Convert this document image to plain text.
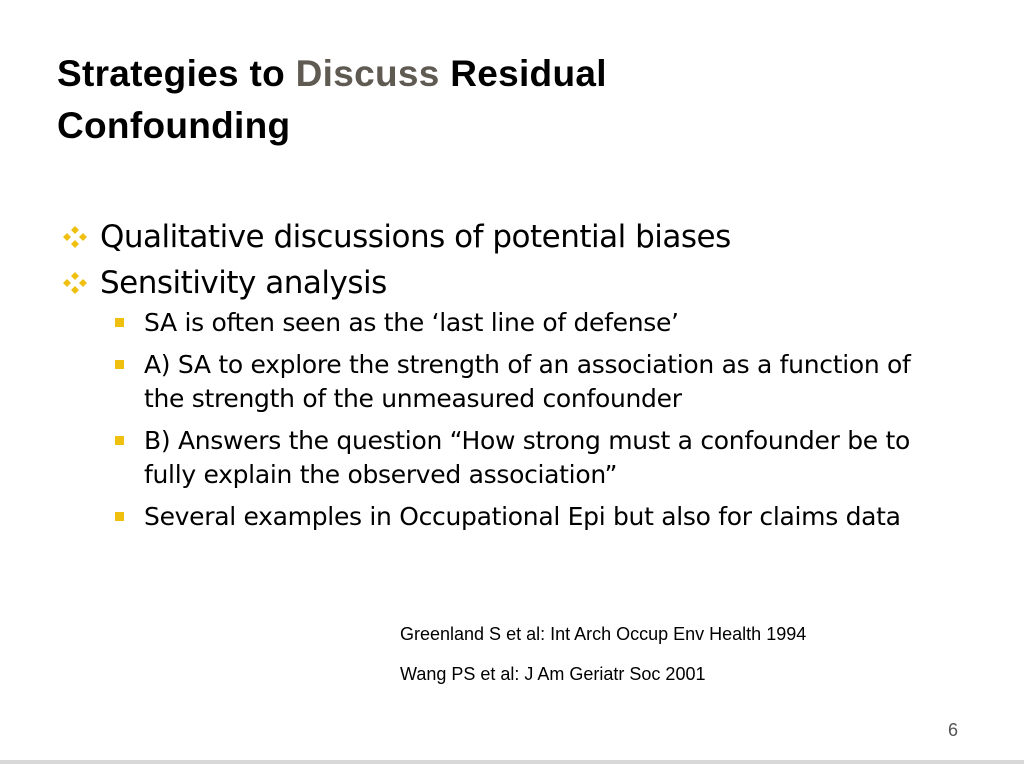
Strategies to Discuss Residual
Confounding
Qualitative discussions of potential biases
Sensitivity analysis
SA is often seen as the ‘last line of defense’
A) SA to explore the strength of an association as a function of the strength of the unmeasured confounder
B) Answers the question “How strong must a confounder be to fully explain the observed association”
Several examples in Occupational Epi but also for claims data
Greenland S et al: Int Arch Occup Env Health 1994
Wang PS et al: J Am Geriatr Soc 2001
6
